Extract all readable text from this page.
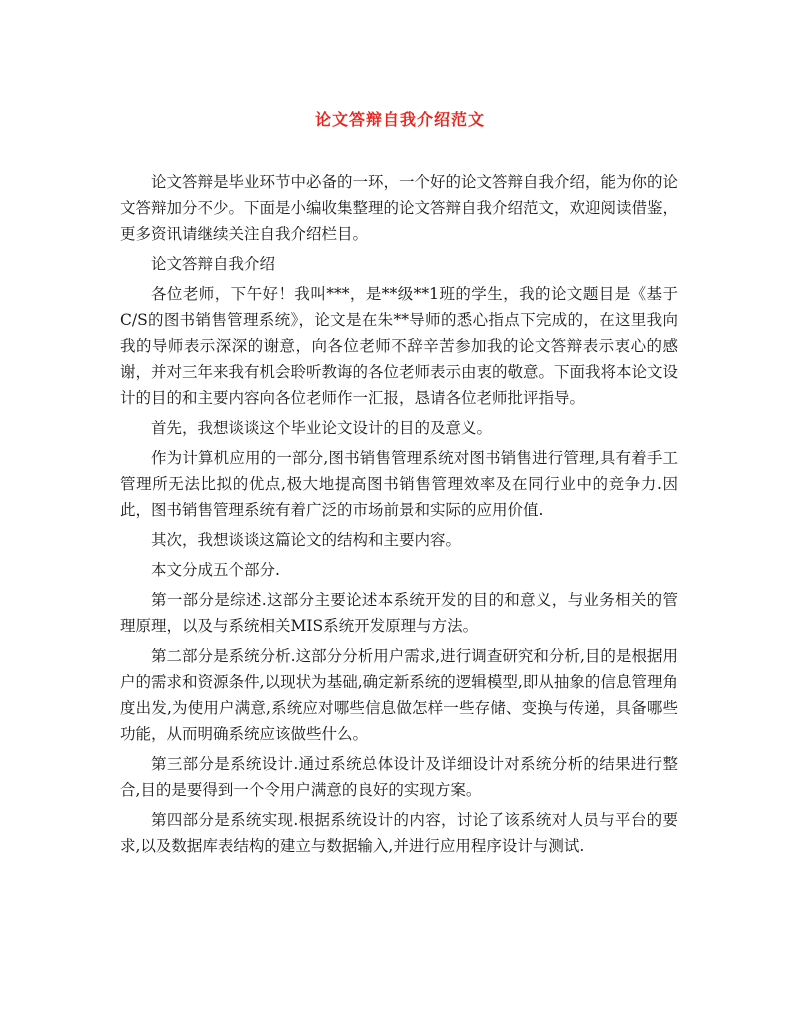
论文答辩自我介绍范文

论文答辩是毕业环节中必备的一环，一个好的论文答辩自我介绍，能为你的论文答辩加分不少。下面是小编收集整理的论文答辩自我介绍范文，欢迎阅读借鉴，更多资讯请继续关注自我介绍栏目。

论文答辩自我介绍

各位老师，下午好！我叫***，是**级**1班的学生，我的论文题目是《基于C/S的图书销售管理系统》，论文是在朱**导师的悉心指点下完成的，在这里我向我的导师表示深深的谢意，向各位老师不辞辛苦参加我的论文答辩表示衷心的感谢，并对三年来我有机会聆听教诲的各位老师表示由衷的敬意。下面我将本论文设计的目的和主要内容向各位老师作一汇报，恳请各位老师批评指导。

首先，我想谈谈这个毕业论文设计的目的及意义。

作为计算机应用的一部分,图书销售管理系统对图书销售进行管理,具有着手工管理所无法比拟的优点,极大地提高图书销售管理效率及在同行业中的竞争力.因此，图书销售管理系统有着广泛的市场前景和实际的应用价值.

其次，我想谈谈这篇论文的结构和主要内容。

本文分成五个部分.

第一部分是综述.这部分主要论述本系统开发的目的和意义，与业务相关的管理原理，以及与系统相关MIS系统开发原理与方法。

第二部分是系统分析.这部分分析用户需求,进行调查研究和分析,目的是根据用户的需求和资源条件,以现状为基础,确定新系统的逻辑模型,即从抽象的信息管理角度出发,为使用户满意,系统应对哪些信息做怎样一些存储、变换与传递，具备哪些功能，从而明确系统应该做些什么。

第三部分是系统设计.通过系统总体设计及详细设计对系统分析的结果进行整合,目的是要得到一个令用户满意的良好的实现方案。

第四部分是系统实现.根据系统设计的内容，讨论了该系统对人员与平台的要求,以及数据库表结构的建立与数据输入,并进行应用程序设计与测试.
